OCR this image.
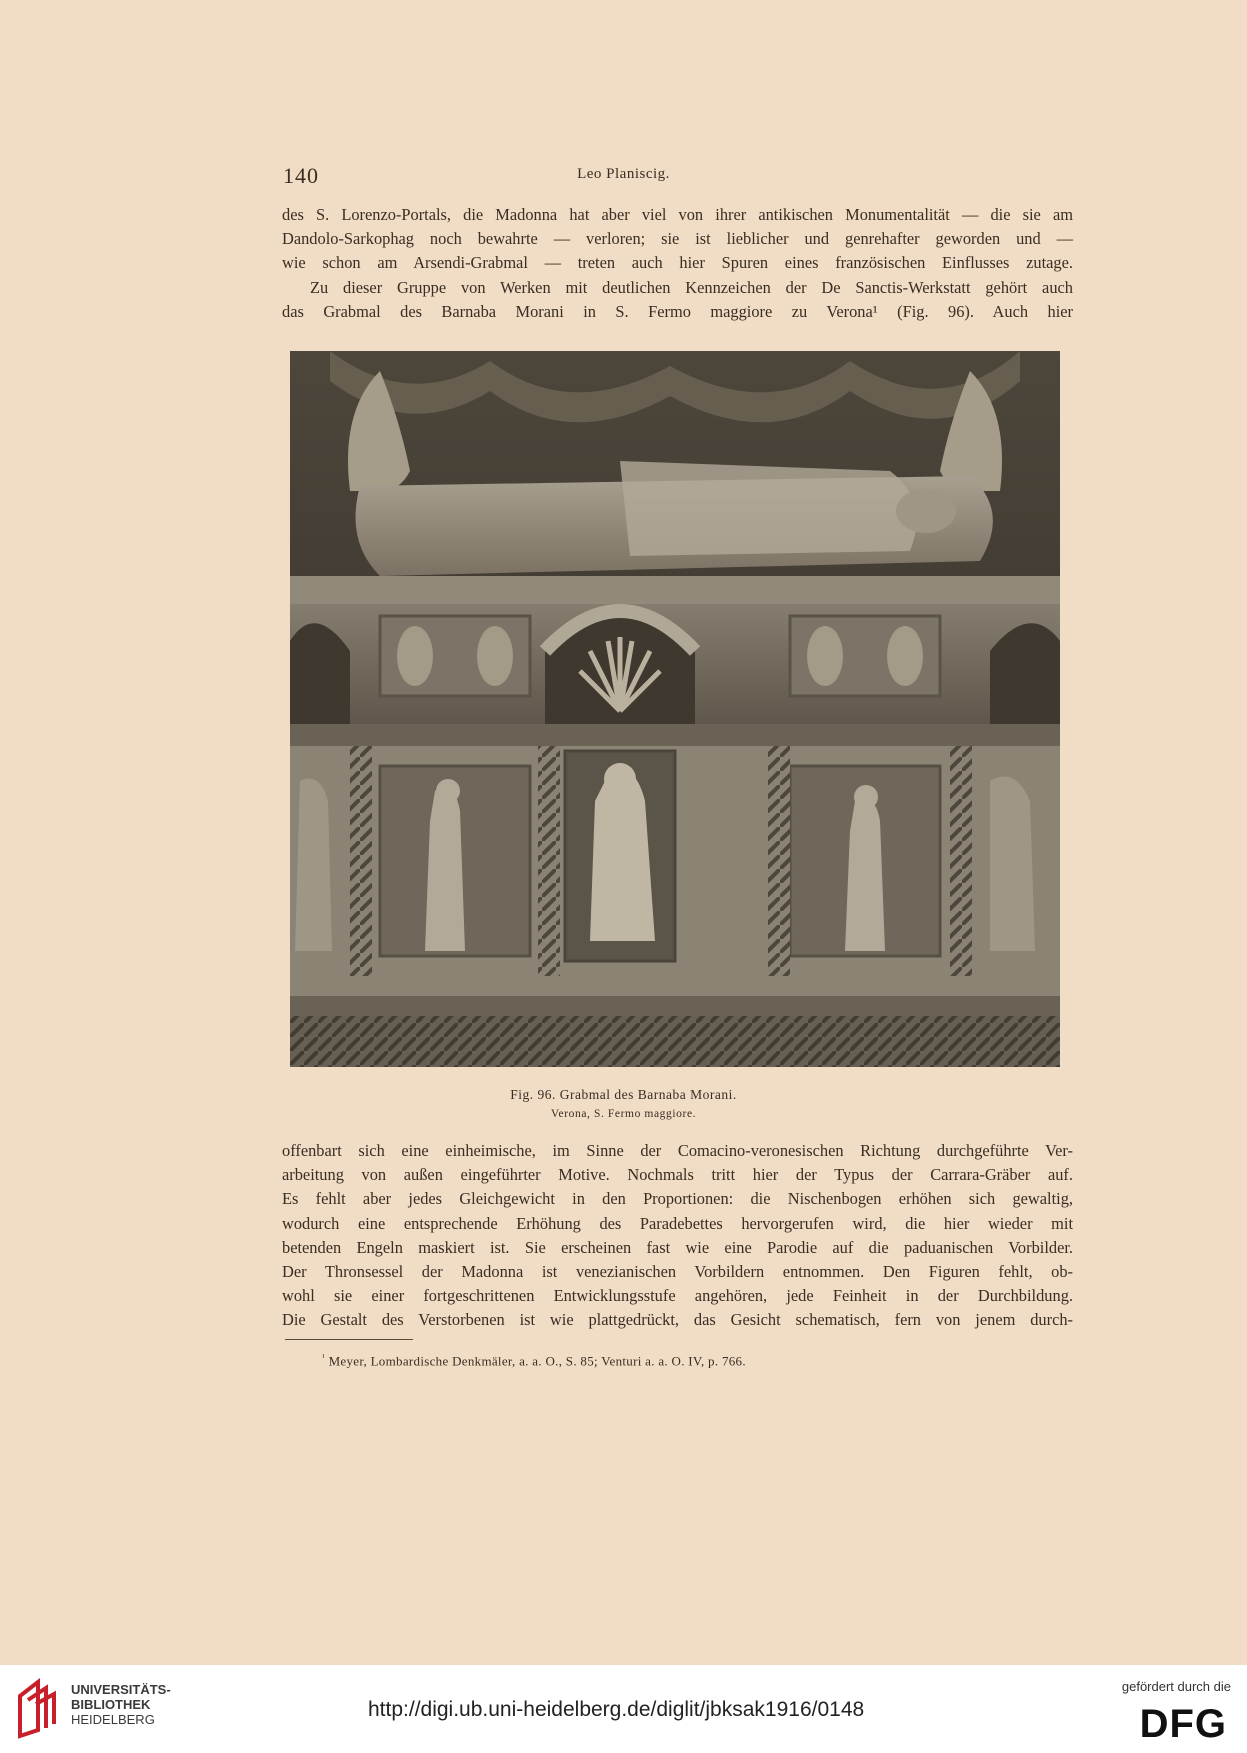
140	Leo Planiscig.
des S. Lorenzo-Portals, die Madonna hat aber viel von ihrer antikischen Monumentalität — die sie am
Dandolo-Sarkophag noch bewahrte — verloren; sie ist lieblicher und genrehafter geworden und —
wie schon am Arsendi-Grabmal — treten auch hier Spuren eines französischen Einflusses zutage.
Zu dieser Gruppe von Werken mit deutlichen Kennzeichen der De Sanctis-Werkstatt gehört auch
das Grabmal des Barnaba Morani in S. Fermo maggiore zu Verona¹ (Fig. 96). Auch hier
Fig. 96. Grabmal des Barnaba Morani.
Verona, S. Fermo maggiore.
offenbart sich eine einheimische, im Sinne der Comacino-veronesischen Richtung durchgeführte Ver-
arbeitung von außen eingeführter Motive. Nochmals tritt hier der Typus der Carrara-Gräber auf.
Es fehlt aber jedes Gleichgewicht in den Proportionen: die Nischenbogen erhöhen sich gewaltig,
wodurch eine entsprechende Erhöhung des Paradebettes hervorgerufen wird, die hier wieder mit
betenden Engeln maskiert ist. Sie erscheinen fast wie eine Parodie auf die paduanischen Vorbilder.
Der Thronsessel der Madonna ist venezianischen Vorbildern entnommen. Den Figuren fehlt, ob-
wohl sie einer fortgeschrittenen Entwicklungsstufe angehören, jede Feinheit in der Durchbildung.
Die Gestalt des Verstorbenen ist wie plattgedrückt, das Gesicht schematisch, fern von jenem durch-
$^{^1}$ Meyer, Lombardische Denkmäler, a. a. O., S. 85; Venturi a. a. O. IV, p. 766.
UNIVERSITÄTS-
BIBLIOTHEK
HEIDELBERG	http://digi.ub.uni-heidelberg.de/diglit/jbksak1916/0148
gefördert durch die
DFG
